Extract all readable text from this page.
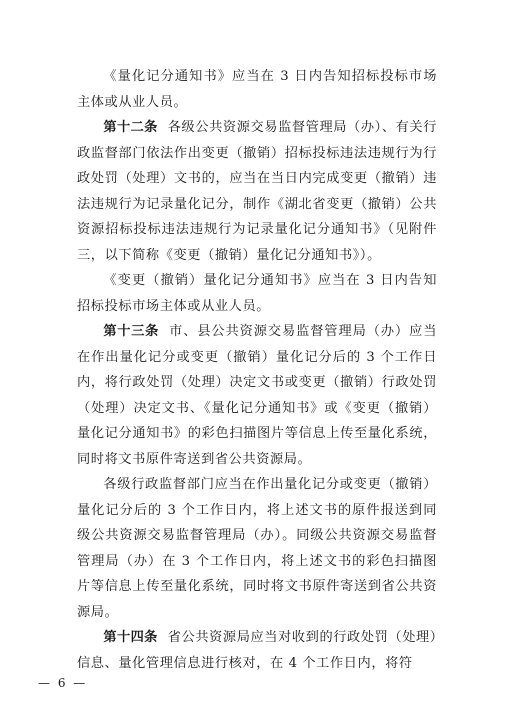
《量化记分通知书》应当在 3 日内告知招标投标市场主体或从业人员。

第十二条 各级公共资源交易监督管理局（办）、有关行政监督部门依法作出变更（撤销）招标投标违法违规行为行政处罚（处理）文书的，应当在当日内完成变更（撤销）违法违规行为记录量化记分，制作《湖北省变更（撤销）公共资源招标投标违法违规行为记录量化记分通知书》（见附件三，以下简称《变更（撤销）量化记分通知书》）。

《变更（撤销）量化记分通知书》应当在 3 日内告知招标投标市场主体或从业人员。

第十三条 市、县公共资源交易监督管理局（办）应当在作出量化记分或变更（撤销）量化记分后的 3 个工作日内，将行政处罚（处理）决定文书或变更（撤销）行政处罚（处理）决定文书、《量化记分通知书》或《变更（撤销）量化记分通知书》的彩色扫描图片等信息上传至量化系统，同时将文书原件寄送到省公共资源局。

各级行政监督部门应当在作出量化记分或变更（撤销）量化记分后的 3 个工作日内，将上述文书的原件报送到同级公共资源交易监督管理局（办）。同级公共资源交易监督管理局（办）在 3 个工作日内，将上述文书的彩色扫描图片等信息上传至量化系统，同时将文书原件寄送到省公共资源局。

第十四条 省公共资源局应当对收到的行政处罚（处理）信息、量化管理信息进行核对，在 4 个工作日内，将符

— 6 —
